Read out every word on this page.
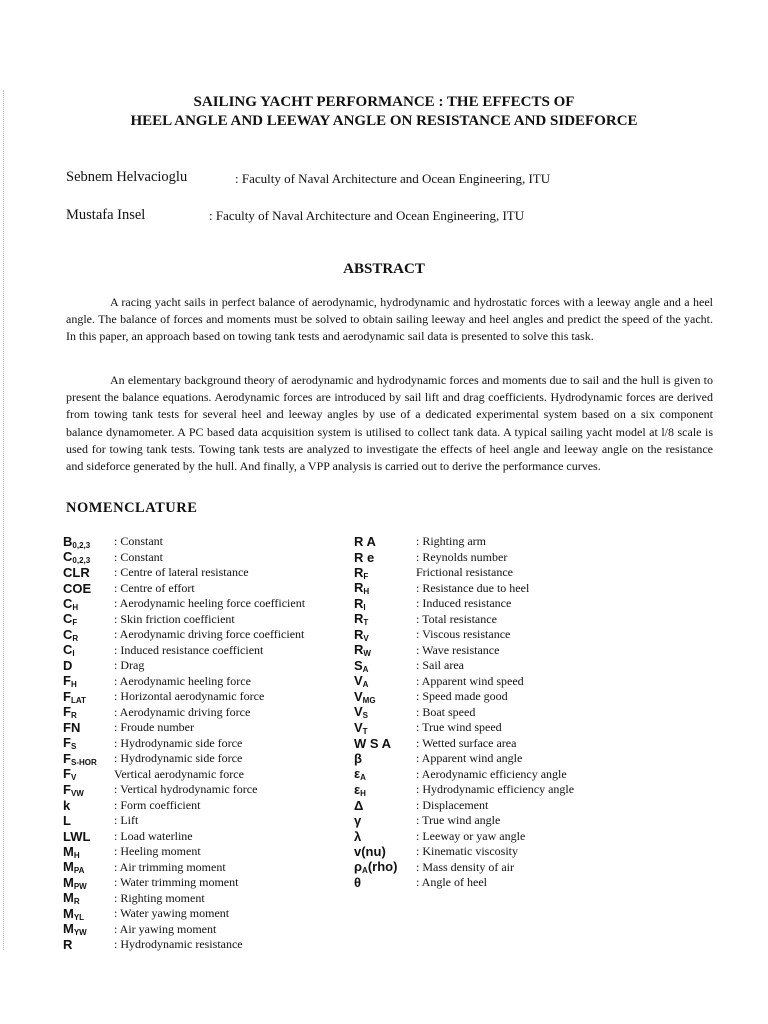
SAILING YACHT PERFORMANCE : THE EFFECTS OF
HEEL ANGLE AND LEEWAY ANGLE ON RESISTANCE AND SIDEFORCE
Sebnem Helvacioglu	: Faculty of Naval Architecture and Ocean Engineering, ITU
Mustafa Insel	: Faculty of Naval Architecture and Ocean Engineering, ITU
ABSTRACT
A racing yacht sails in perfect balance of aerodynamic, hydrodynamic and hydrostatic forces with a leeway angle and a heel angle. The balance of forces and moments must be solved to obtain sailing leeway and heel angles and predict the speed of the yacht. In this paper, an approach based on towing tank tests and aerodynamic sail data is presented to solve this task.
An elementary background theory of aerodynamic and hydrodynamic forces and moments due to sail and the hull is given to present the balance equations. Aerodynamic forces are introduced by sail lift and drag coefficients. Hydrodynamic forces are derived from towing tank tests for several heel and leeway angles by use of a dedicated experimental system based on a six component balance dynamometer. A PC based data acquisition system is utilised to collect tank data. A typical sailing yacht model at l/8 scale is used for towing tank tests. Towing tank tests are analyzed to investigate the effects of heel angle and leeway angle on the resistance and sideforce generated by the hull. And finally, a VPP analysis is carried out to derive the performance curves.
NOMENCLATURE
$B_{0,2,3}$	: Constant
$C_{0,2,3}$	: Constant
CLR	: Centre of lateral resistance
COE	: Centre of effort
$C_H$	: Aerodynamic heeling force coefficient
$C_F$	: Skin friction coefficient
$C_R$	: Aerodynamic driving force coefficient
$C_I$	: Induced resistance coefficient
D	: Drag
$F_H$	: Aerodynamic heeling force
$F_{LAT}$	: Horizontal aerodynamic force
$F_R$	: Aerodynamic driving force
FN	: Froude number
$F_S$	: Hydrodynamic side force
$F_{S-HOR}$	: Hydrodynamic side force
$F_V$	Vertical aerodynamic force
$F_{VW}$	: Vertical hydrodynamic force
k	: Form coefficient
L	: Lift
LWL	: Load waterline
$M_H$	: Heeling moment
$M_{PA}$	: Air trimming moment
$M_{PW}$	: Water trimming moment
$M_R$	: Righting moment
$M_{YL}$	: Water yawing moment
$M_{YW}$	: Air yawing moment
R	: Hydrodynamic resistance
R A	: Righting arm
R e	: Reynolds number
$R_F$	Frictional resistance
$R_H$	: Resistance due to heel
$R_I$	: Induced resistance
$R_T$	: Total resistance
$R_V$	: Viscous resistance
$R_W$	: Wave resistance
$S_A$	: Sail area
$V_A$	: Apparent wind speed
$V_{MG}$	: Speed made good
$V_S$	: Boat speed
$V_T$	: True wind speed
W S A	: Wetted surface area
β	: Apparent wind angle
$\varepsilon_A$	: Aerodynamic efficiency angle
$\varepsilon_H$	: Hydrodynamic efficiency angle
Δ	: Displacement
γ	: True wind angle
λ	: Leeway or yaw angle
v(nu)	: Kinematic viscosity
$\rho_A(rho)$	: Mass density of air
θ	: Angle of heel
